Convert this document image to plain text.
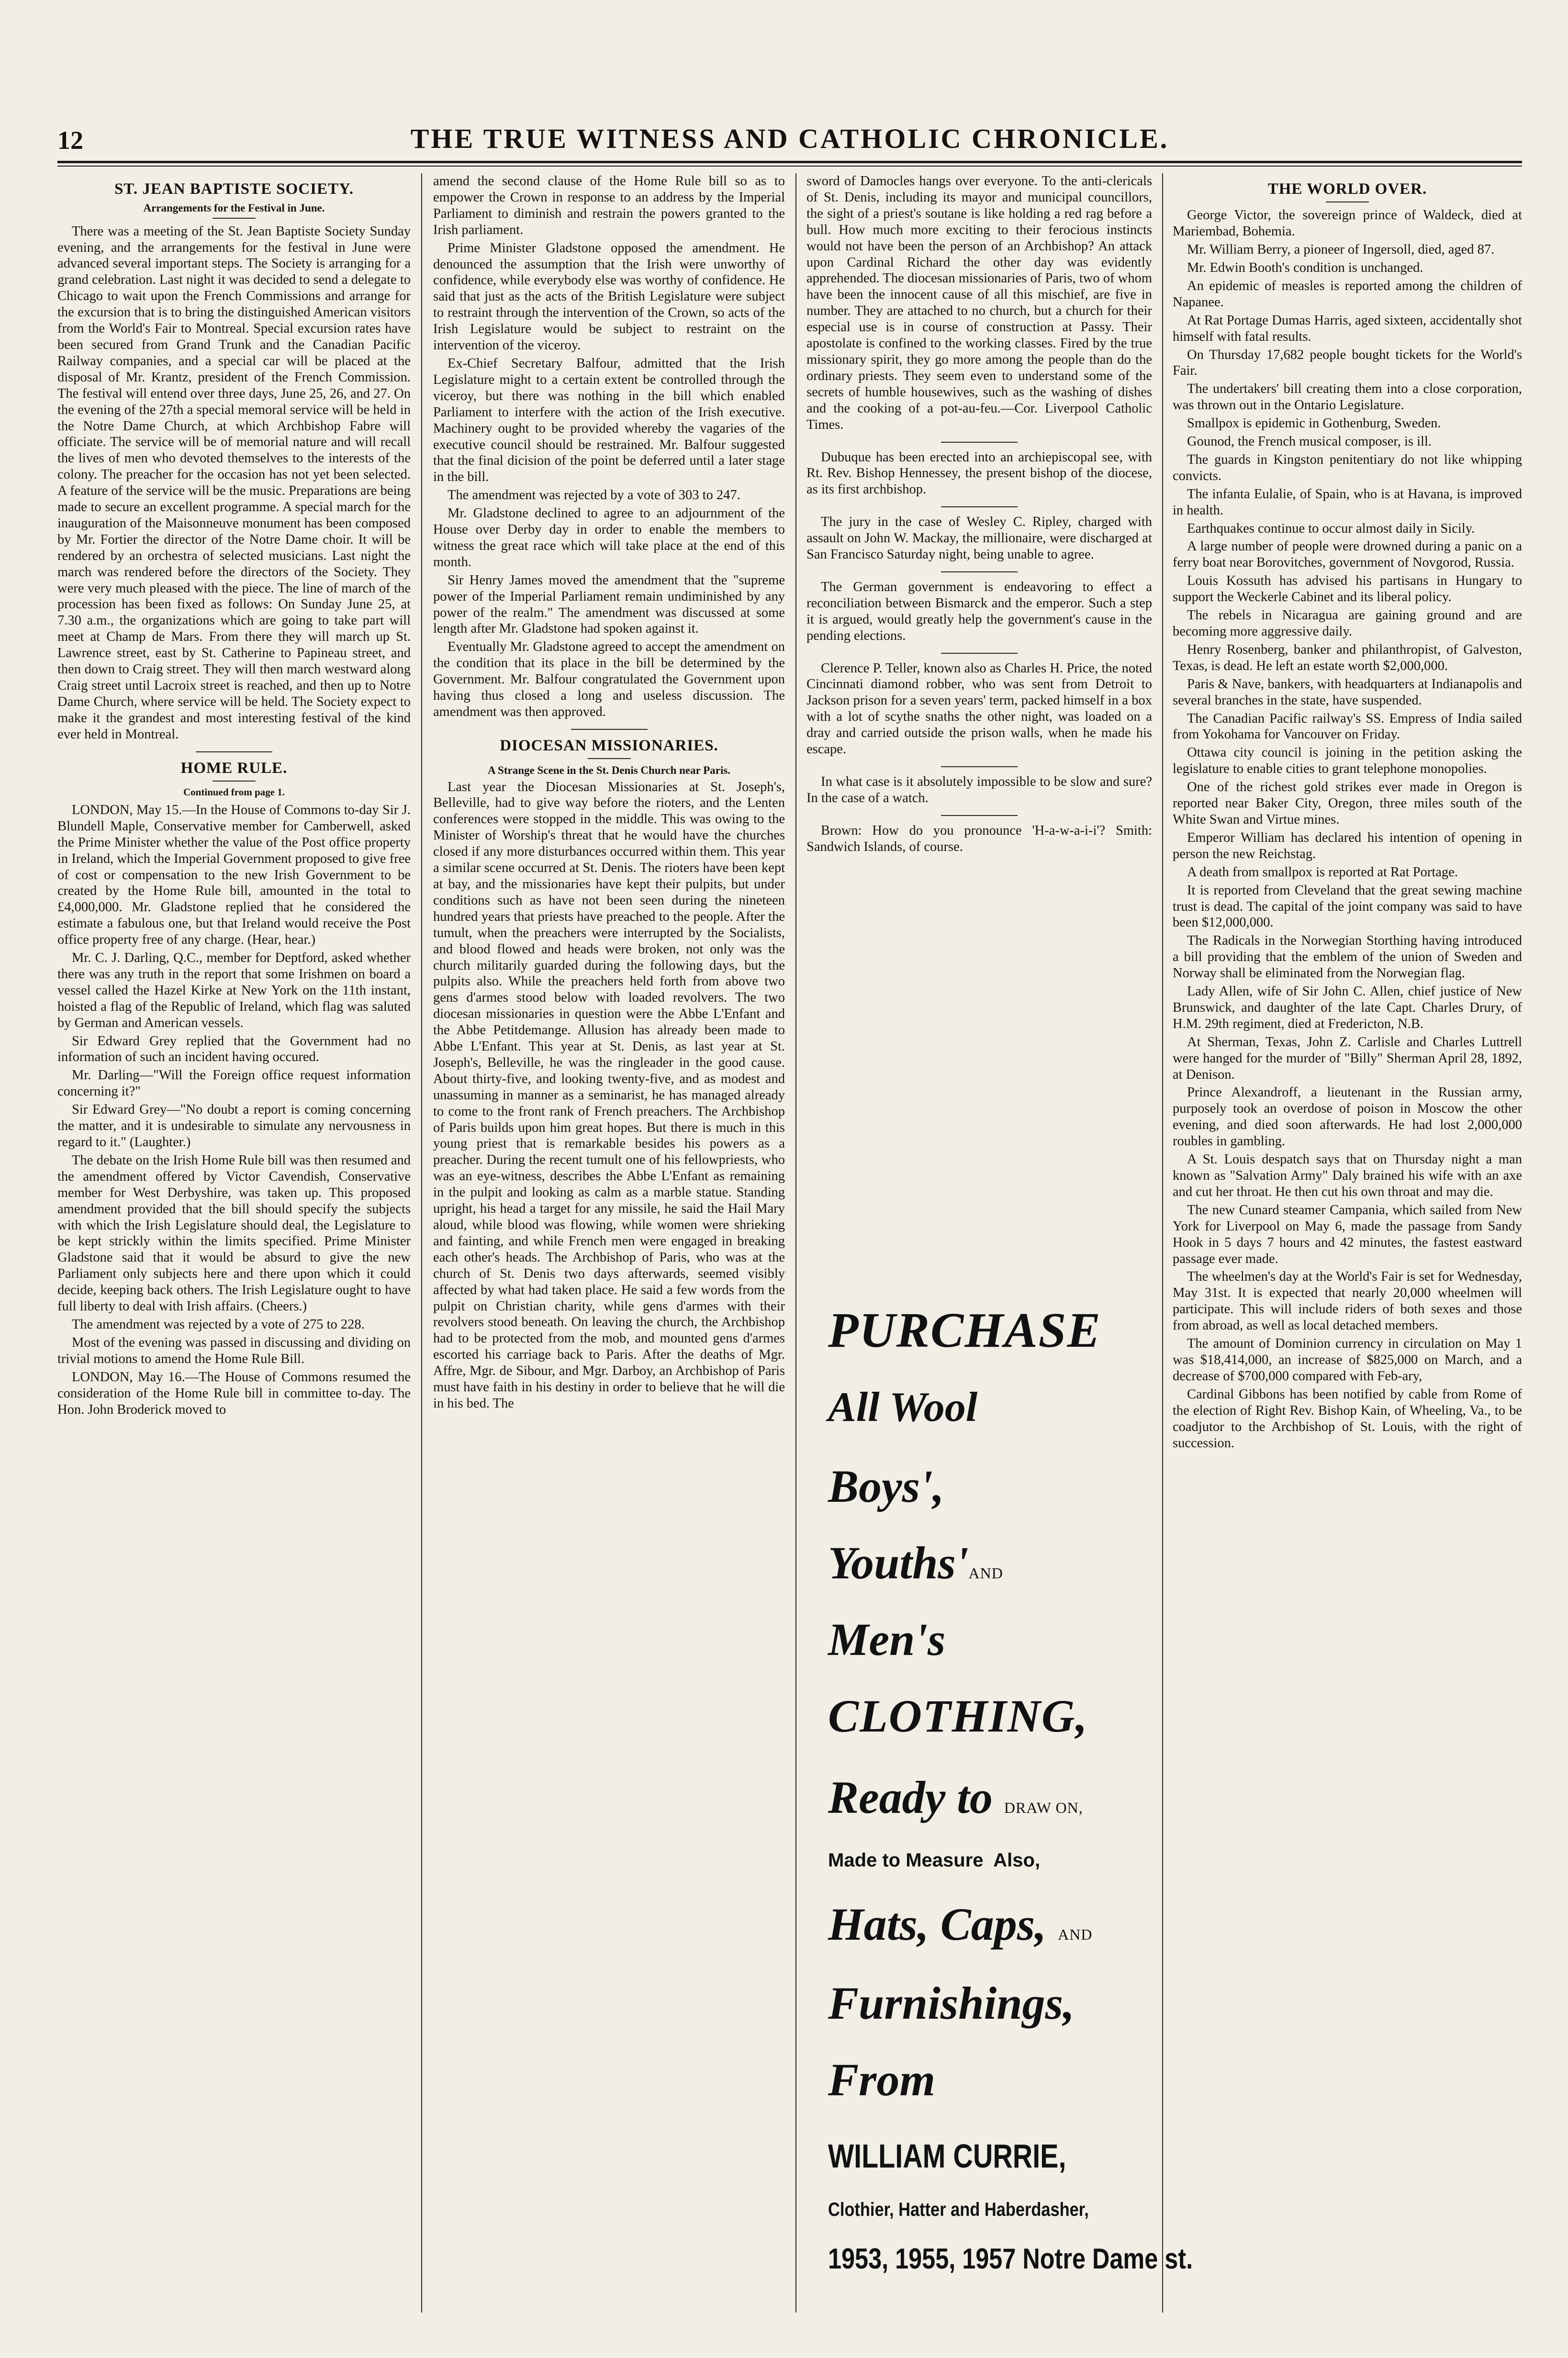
12	THE TRUE WITNESS AND CATHOLIC CHRONICLE.
ST. JEAN BAPTISTE SOCIETY.
Arrangements for the Festival in June.

There was a meeting of the St. Jean Baptiste Society Sunday evening, and the arrangements for the festival in June were advanced several important steps. The Society is arranging for a grand celebration. Last night it was decided to send a delegate to Chicago to wait upon the French Commissions and arrange for the excursion that is to bring the distinguished American visitors from the World's Fair to Montreal. Special excursion rates have been secured from Grand Trunk and the Canadian Pacific Railway companies, and a special car will be placed at the disposal of Mr. Krantz, president of the French Commission. The festival will entend over three days, June 25, 26, and 27. On the evening of the 27th a special memoral service will be held in the Notre Dame Church, at which Archbishop Fabre will officiate. The service will be of memorial nature and will recall the lives of men who devoted themselves to the interests of the colony. The preacher for the occasion has not yet been selected. A feature of the service will be the music. Preparations are being made to secure an excellent programme. A special march for the inauguration of the Maisonneuve monument has been composed by Mr. Fortier the director of the Notre Dame choir. It will be rendered by an orchestra of selected musicians. Last night the march was rendered before the directors of the Society. They were very much pleased with the piece. The line of march of the procession has been fixed as follows: On Sunday June 25, at 7.30 a.m., the organizations which are going to take part will meet at Champ de Mars. From there they will march up St. Lawrence street, east by St. Catherine to Papineau street, and then down to Craig street. They will then march westward along Craig street until Lacroix street is reached, and then up to Notre Dame Church, where service will be held. The Society expect to make it the grandest and most interesting festival of the kind ever held in Montreal.

HOME RULE.
Continued from page 1.

LONDON, May 15.—In the House of Commons to-day Sir J. Blundell Maple, Conservative member for Camberwell, asked the Prime Minister whether the value of the Post office property in Ireland, which the Imperial Government proposed to give free of cost or compensation to the new Irish Government to be created by the Home Rule bill, amounted in the total to £4,000,000. Mr. Gladstone replied that he considered the estimate a fabulous one, but that Ireland would receive the Post office property free of any charge. (Hear, hear.)

Mr. C. J. Darling, Q.C., member for Deptford, asked whether there was any truth in the report that some Irishmen on board a vessel called the Hazel Kirke at New York on the 11th instant, hoisted a flag of the Republic of Ireland, which flag was saluted by German and American vessels.

Sir Edward Grey replied that the Government had no information of such an incident having occured.

Mr. Darling—"Will the Foreign office request information concerning it?"

Sir Edward Grey—"No doubt a report is coming concerning the matter, and it is undesirable to simulate any nervousness in regard to it." (Laughter.)

The debate on the Irish Home Rule bill was then resumed and the amendment offered by Victor Cavendish, Conservative member for West Derbyshire, was taken up. This proposed amendment provided that the bill should specify the subjects with which the Irish Legislature should deal, the Legislature to be kept strickly within the limits specified. Prime Minister Gladstone said that it would be absurd to give the new Parliament only subjects here and there upon which it could decide, keeping back others. The Irish Legislature ought to have full liberty to deal with Irish affairs. (Cheers.)

The amendment was rejected by a vote of 275 to 228.

Most of the evening was passed in discussing and dividing on trivial motions to amend the Home Rule Bill.

LONDON, May 16.—The House of Commons resumed the consideration of the Home Rule bill in committee to-day. The Hon. John Broderick moved to

amend the second clause of the Home Rule bill so as to empower the Crown in response to an address by the Imperial Parliament to diminish and restrain the powers granted to the Irish parliament.

Prime Minister Gladstone opposed the amendment. He denounced the assumption that the Irish were unworthy of confidence, while everybody else was worthy of confidence. He said that just as the acts of the British Legislature were subject to restraint through the intervention of the Crown, so acts of the Irish Legislature would be subject to restraint on the intervention of the viceroy.

Ex-Chief Secretary Balfour, admitted that the Irish Legislature might to a certain extent be controlled through the viceroy, but there was nothing in the bill which enabled Parliament to interfere with the action of the Irish executive. Machinery ought to be provided whereby the vagaries of the executive council should be restrained. Mr. Balfour suggested that the final dicision of the point be deferred until a later stage in the bill.

The amendment was rejected by a vote of 303 to 247.

Mr. Gladstone declined to agree to an adjournment of the House over Derby day in order to enable the members to witness the great race which will take place at the end of this month.

Sir Henry James moved the amendment that the "supreme power of the Imperial Parliament remain undiminished by any power of the realm." The amendment was discussed at some length after Mr. Gladstone had spoken against it.

Eventually Mr. Gladstone agreed to accept the amendment on the condition that its place in the bill be determined by the Government. Mr. Balfour congratulated the Government upon having thus closed a long and useless discussion. The amendment was then approved.

DIOCESAN MISSIONARIES.
A Strange Scene in the St. Denis Church near Paris.

Last year the Diocesan Missionaries at St. Joseph's, Belleville, had to give way before the rioters, and the Lenten conferences were stopped in the middle. This was owing to the Minister of Worship's threat that he would have the churches closed if any more disturbances occurred within them. This year a similar scene occurred at St. Denis. The rioters have been kept at bay, and the missionaries have kept their pulpits, but under conditions such as have not been seen during the nineteen hundred years that priests have preached to the people. After the tumult, when the preachers were interrupted by the Socialists, and blood flowed and heads were broken, not only was the church militarily guarded during the following days, but the pulpits also. While the preachers held forth from above two gens d'armes stood below with loaded revolvers. The two diocesan missionaries in question were the Abbe L'Enfant and the Abbe Petitdemange. Allusion has already been made to Abbe L'Enfant. This year at St. Denis, as last year at St. Joseph's, Belleville, he was the ringleader in the good cause. About thirty-five, and looking twenty-five, and as modest and unassuming in manner as a seminarist, he has managed already to come to the front rank of French preachers. The Archbishop of Paris builds upon him great hopes. But there is much in this young priest that is remarkable besides his powers as a preacher. During the recent tumult one of his fellowpriests, who was an eye-witness, describes the Abbe L'Enfant as remaining in the pulpit and looking as calm as a marble statue. Standing upright, his head a target for any missile, he said the Hail Mary aloud, while blood was flowing, while women were shrieking and fainting, and while French men were engaged in breaking each other's heads. The Archbishop of Paris, who was at the church of St. Denis two days afterwards, seemed visibly affected by what had taken place. He said a few words from the pulpit on Christian charity, while gens d'armes with their revolvers stood beneath. On leaving the church, the Archbishop had to be protected from the mob, and mounted gens d'armes escorted his carriage back to Paris. After the deaths of Mgr. Affre, Mgr. de Sibour, and Mgr. Darboy, an Archbishop of Paris must have faith in his destiny in order to believe that he will die in his bed. The

sword of Damocles hangs over everyone. To the anti-clericals of St. Denis, including its mayor and municipal councillors, the sight of a priest's soutane is like holding a red rag before a bull. How much more exciting to their ferocious instincts would not have been the person of an Archbishop? An attack upon Cardinal Richard the other day was evidently apprehended. The diocesan missionaries of Paris, two of whom have been the innocent cause of all this mischief, are five in number. They are attached to no church, but a church for their especial use is in course of construction at Passy. Their apostolate is confined to the working classes. Fired by the true missionary spirit, they go more among the people than do the ordinary priests. They seem even to understand some of the secrets of humble housewives, such as the washing of dishes and the cooking of a pot-au-feu.—Cor. Liverpool Catholic Times.

Dubuque has been erected into an archiepiscopal see, with Rt. Rev. Bishop Hennessey, the present bishop of the diocese, as its first archbishop.

The jury in the case of Wesley C. Ripley, charged with assault on John W. Mackay, the millionaire, were discharged at San Francisco Saturday night, being unable to agree.

The German government is endeavoring to effect a reconciliation between Bismarck and the emperor. Such a step it is argued, would greatly help the government's cause in the pending elections.

Clerence P. Teller, known also as Charles H. Price, the noted Cincinnati diamond robber, who was sent from Detroit to Jackson prison for a seven years' term, packed himself in a box with a lot of scythe snaths the other night, was loaded on a dray and carried outside the prison walls, when he made his escape.

In what case is it absolutely impossible to be slow and sure? In the case of a watch.

Brown: How do you pronounce 'H-a-w-a-i-i'? Smith: Sandwich Islands, of course.

PURCHASE
All Wool
Boys',
Youths'AND
Men's
CLOTHING,
Ready to DRAW ON,
Made to Measure  Also,
Hats, Caps, AND
Furnishings,
From
WILLIAM CURRIE,
Clothier, Hatter and Haberdasher,
1953, 1955, 1957 Notre Dame st.
THE WORLD OVER.

George Victor, the sovereign prince of Waldeck, died at Mariembad, Bohemia.

Mr. William Berry, a pioneer of Ingersoll, died, aged 87.

Mr. Edwin Booth's condition is unchanged.

An epidemic of measles is reported among the children of Napanee.

At Rat Portage Dumas Harris, aged sixteen, accidentally shot himself with fatal results.

On Thursday 17,682 people bought tickets for the World's Fair.

The undertakers' bill creating them into a close corporation, was thrown out in the Ontario Legislature.

Smallpox is epidemic in Gothenburg, Sweden.

Gounod, the French musical composer, is ill.

The guards in Kingston penitentiary do not like whipping convicts.

The infanta Eulalie, of Spain, who is at Havana, is improved in health.

Earthquakes continue to occur almost daily in Sicily.

A large number of people were drowned during a panic on a ferry boat near Borovitches, government of Novgorod, Russia.

Louis Kossuth has advised his partisans in Hungary to support the Weckerle Cabinet and its liberal policy.

The rebels in Nicaragua are gaining ground and are becoming more aggressive daily.

Henry Rosenberg, banker and philanthropist, of Galveston, Texas, is dead. He left an estate worth $2,000,000.

Paris & Nave, bankers, with headquarters at Indianapolis and several branches in the state, have suspended.

The Canadian Pacific railway's SS. Empress of India sailed from Yokohama for Vancouver on Friday.

Ottawa city council is joining in the petition asking the legislature to enable cities to grant telephone monopolies.

One of the richest gold strikes ever made in Oregon is reported near Baker City, Oregon, three miles south of the White Swan and Virtue mines.

Emperor William has declared his intention of opening in person the new Reichstag.

A death from smallpox is reported at Rat Portage.

It is reported from Cleveland that the great sewing machine trust is dead. The capital of the joint company was said to have been $12,000,000.

The Radicals in the Norwegian Storthing having introduced a bill providing that the emblem of the union of Sweden and Norway shall be eliminated from the Norwegian flag.

Lady Allen, wife of Sir John C. Allen, chief justice of New Brunswick, and daughter of the late Capt. Charles Drury, of H.M. 29th regiment, died at Fredericton, N.B.

At Sherman, Texas, John Z. Carlisle and Charles Luttrell were hanged for the murder of "Billy" Sherman April 28, 1892, at Denison.

Prince Alexandroff, a lieutenant in the Russian army, purposely took an overdose of poison in Moscow the other evening, and died soon afterwards. He had lost 2,000,000 roubles in gambling.

A St. Louis despatch says that on Thursday night a man known as "Salvation Army" Daly brained his wife with an axe and cut her throat. He then cut his own throat and may die.

The new Cunard steamer Campania, which sailed from New York for Liverpool on May 6, made the passage from Sandy Hook in 5 days 7 hours and 42 minutes, the fastest eastward passage ever made.

The wheelmen's day at the World's Fair is set for Wednesday, May 31st. It is expected that nearly 20,000 wheelmen will participate. This will include riders of both sexes and those from abroad, as well as local detached members.

The amount of Dominion currency in circulation on May 1 was $18,414,000, an increase of $825,000 on March, and a decrease of $700,000 compared with Feb-ary,

Cardinal Gibbons has been notified by cable from Rome of the election of Right Rev. Bishop Kain, of Wheeling, Va., to be coadjutor to the Archbishop of St. Louis, with the right of succession.
